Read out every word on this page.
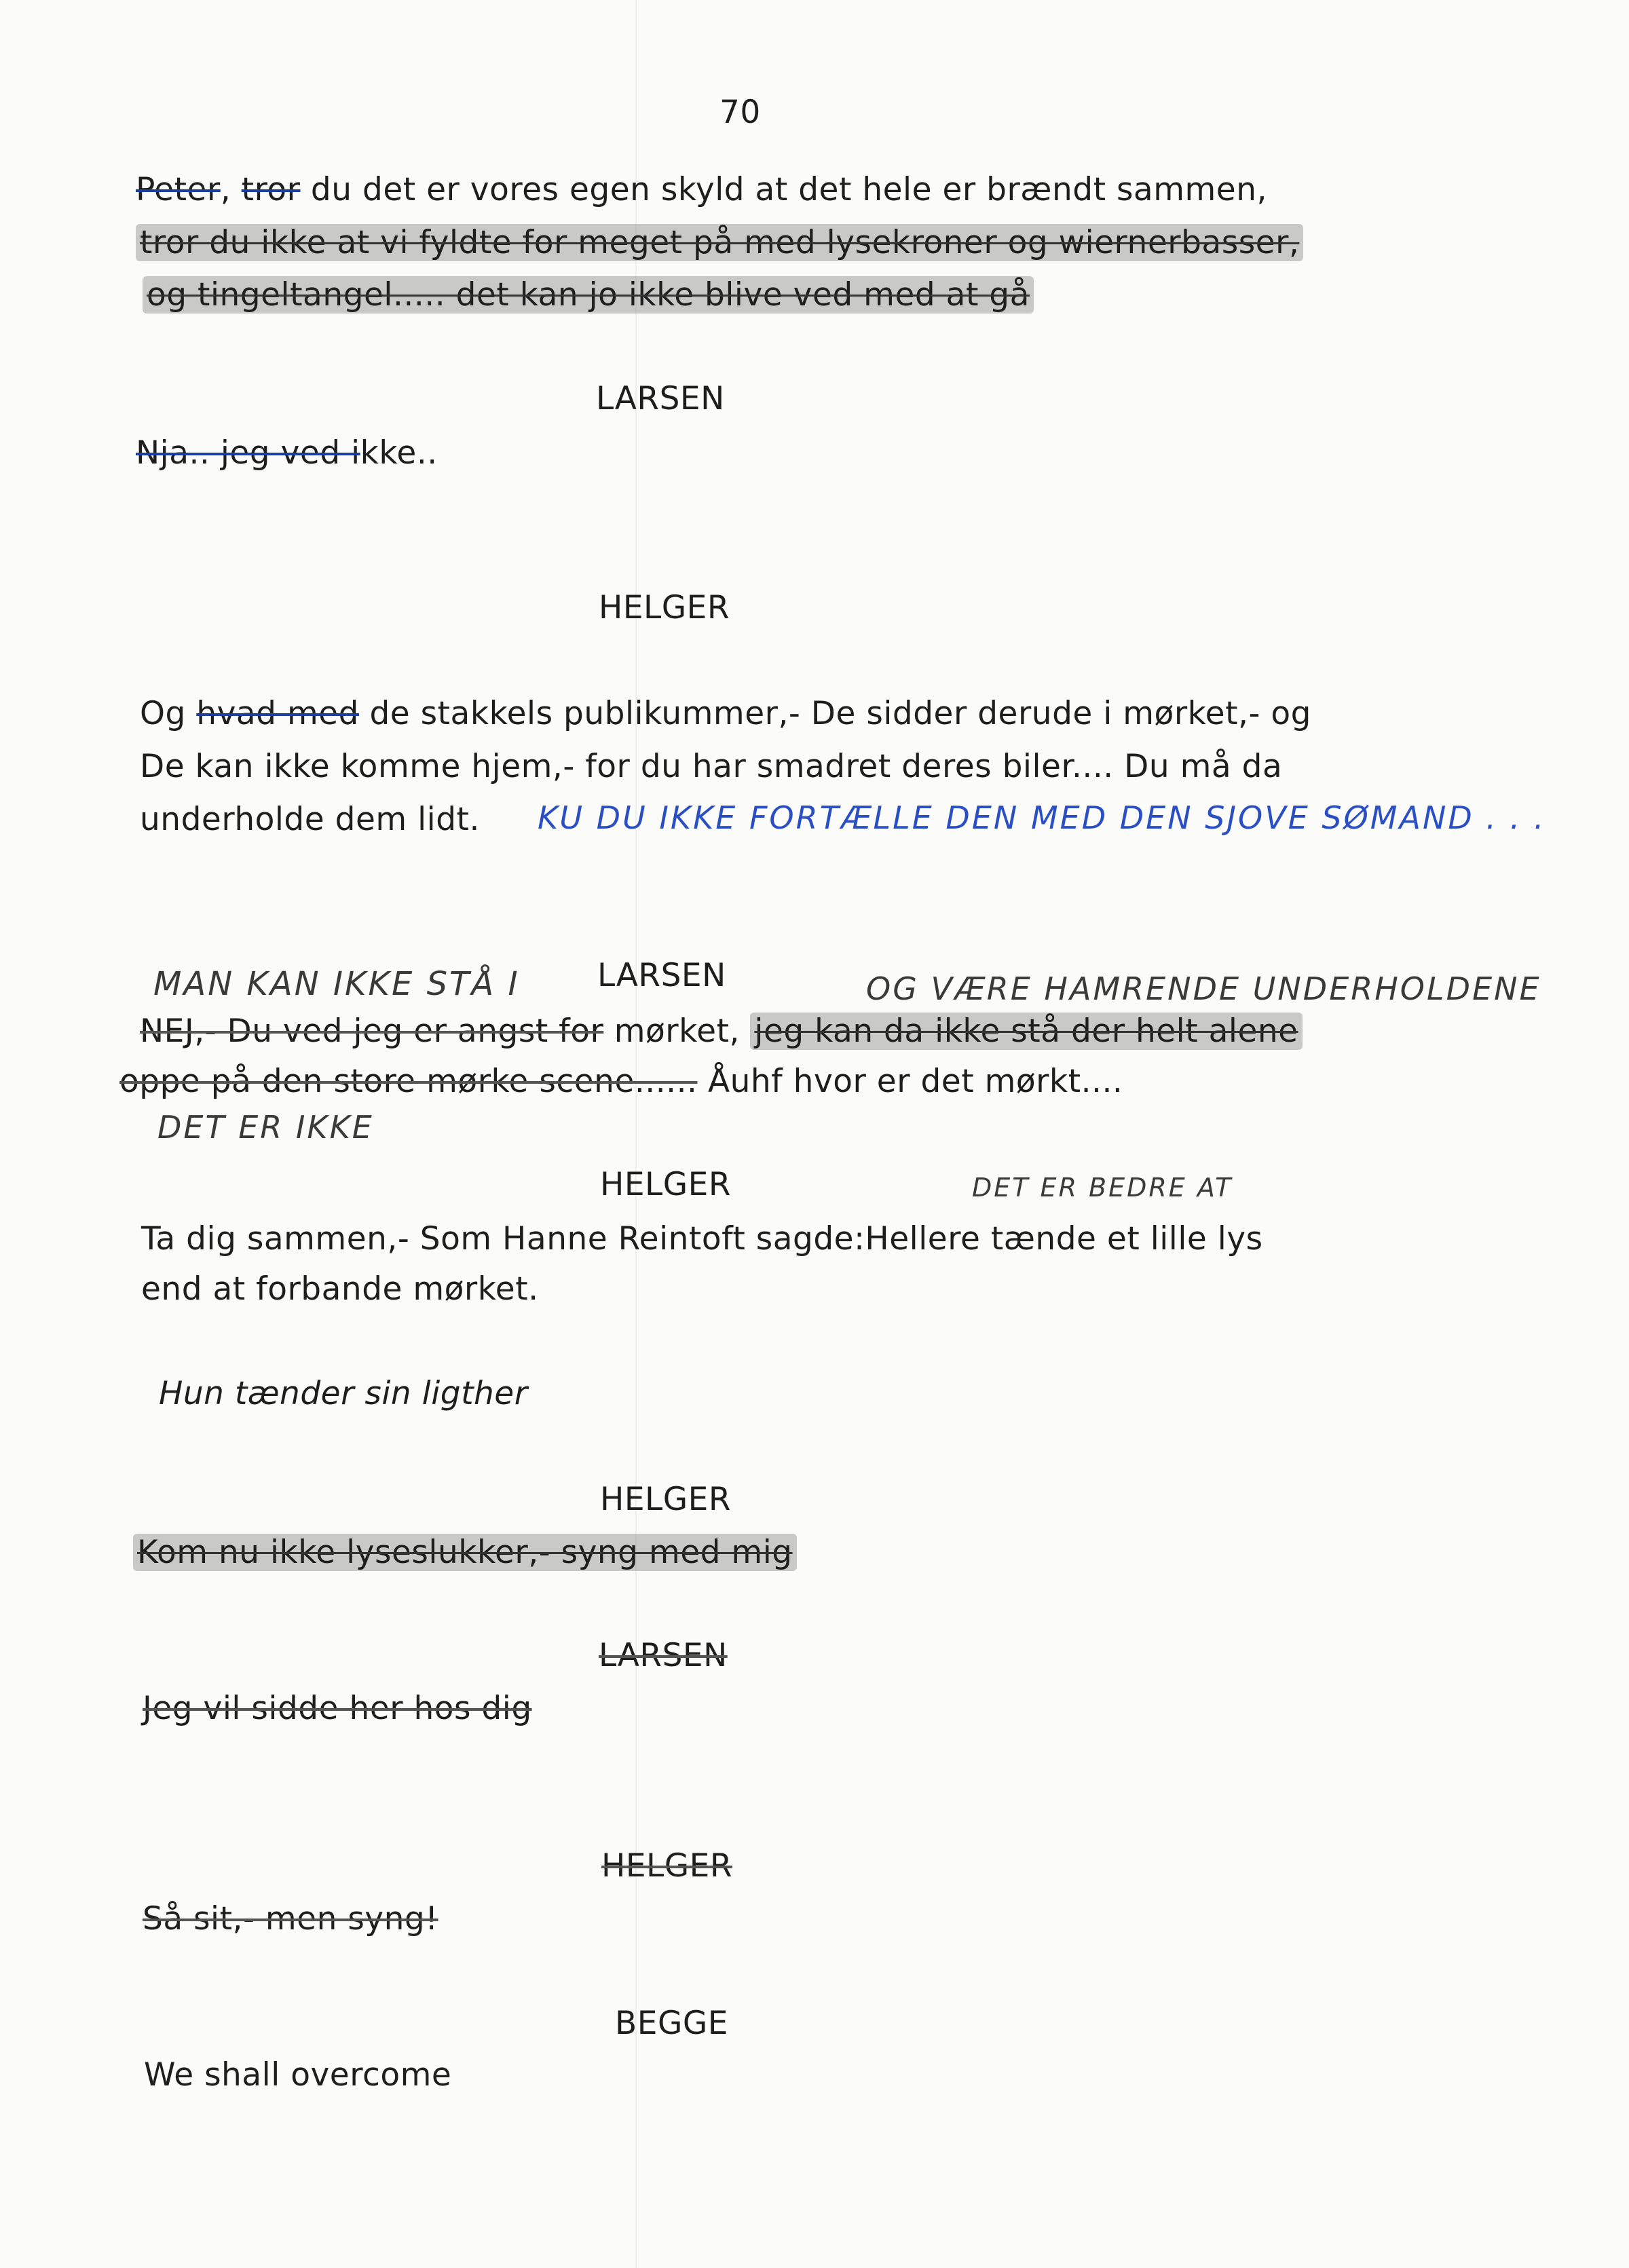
70
Peter, tror du det er vores egen skyld at det hele er brændt sammen,
tror du ikke at vi fyldte for meget på med lysekroner og wiernerbasser,
og tingeltangel..... det kan jo ikke blive ved med at gå
LARSEN
Nja.. jeg ved ikke..
HELGER
Og hvad med de stakkels publikummer,- De sidder derude i mørket,- og
De kan ikke komme hjem,- for du har smadret deres biler.... Du må da
underholde dem lidt. KU DU IKKE FORTÆLLE DEN MED DEN SJOVE SØMAND . . .
MAN KAN IKKE STÅ I LARSEN	OG VÆRE HAMRENDE UNDERHOLDENE
NEJ,- Du ved jeg er angst for mørket, jeg kan da ikke stå der helt alene
oppe på den store mørke scene...... Åuhf hvor er det mørkt....
DET ER IKKE
HELGER	DET ER BEDRE AT
Ta dig sammen,- Som Hanne Reintoft sagde:Hellere tænde et lille lys
end at forbande mørket.
Hun tænder sin ligther
HELGER
Kom nu ikke lyseslukker,- syng med mig
LARSEN
Jeg vil sidde her hos dig
HELGER
Så sit,- men syng!
BEGGE
We shall overcome
